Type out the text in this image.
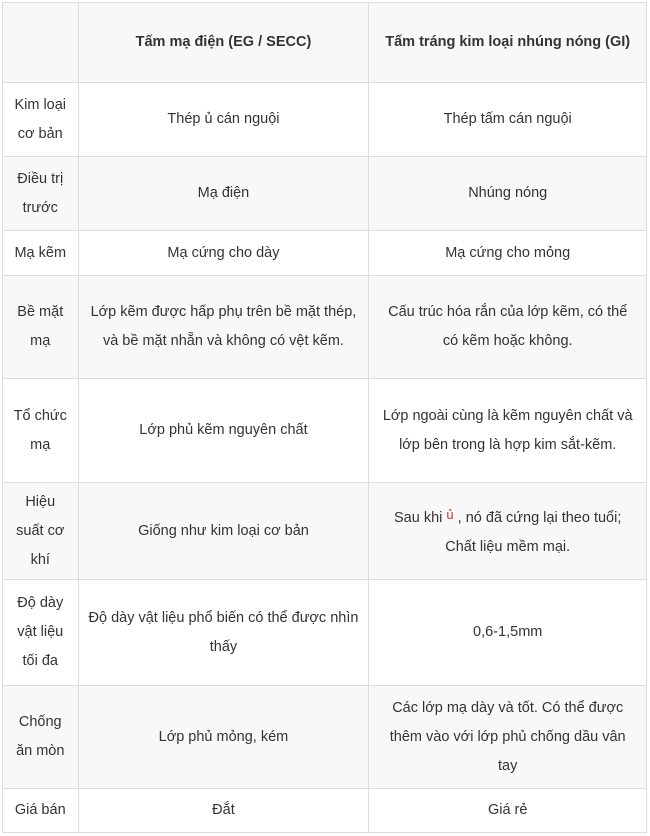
	Tấm mạ điện (EG / SECC)	Tấm tráng kim loại nhúng nóng (GI)
Kim loại cơ bản	Thép ủ cán nguội	Thép tấm cán nguội
Điều trị trước	Mạ điện	Nhúng nóng
Mạ kẽm	Mạ cứng cho dày	Mạ cứng cho mỏng
Bề mặt mạ	Lớp kẽm được hấp phụ trên bề mặt thép, và bề mặt nhẵn và không có vệt kẽm.	Cấu trúc hóa rắn của lớp kẽm, có thể có kẽm hoặc không.
Tổ chức mạ	Lớp phủ kẽm nguyên chất	Lớp ngoài cùng là kẽm nguyên chất và lớp bên trong là hợp kim sắt-kẽm.
Hiệu suất cơ khí	Giống như kim loại cơ bản	Sau khi ủ , nó đã cứng lại theo tuổi; Chất liệu mềm mại.
Độ dày vật liệu tối đa	Độ dày vật liệu phổ biến có thể được nhìn thấy	0,6-1,5mm
Chống ăn mòn	Lớp phủ mỏng, kém	Các lớp mạ dày và tốt. Có thể được thêm vào với lớp phủ chống dầu vân tay
Giá bán	Đắt	Giá rẻ
